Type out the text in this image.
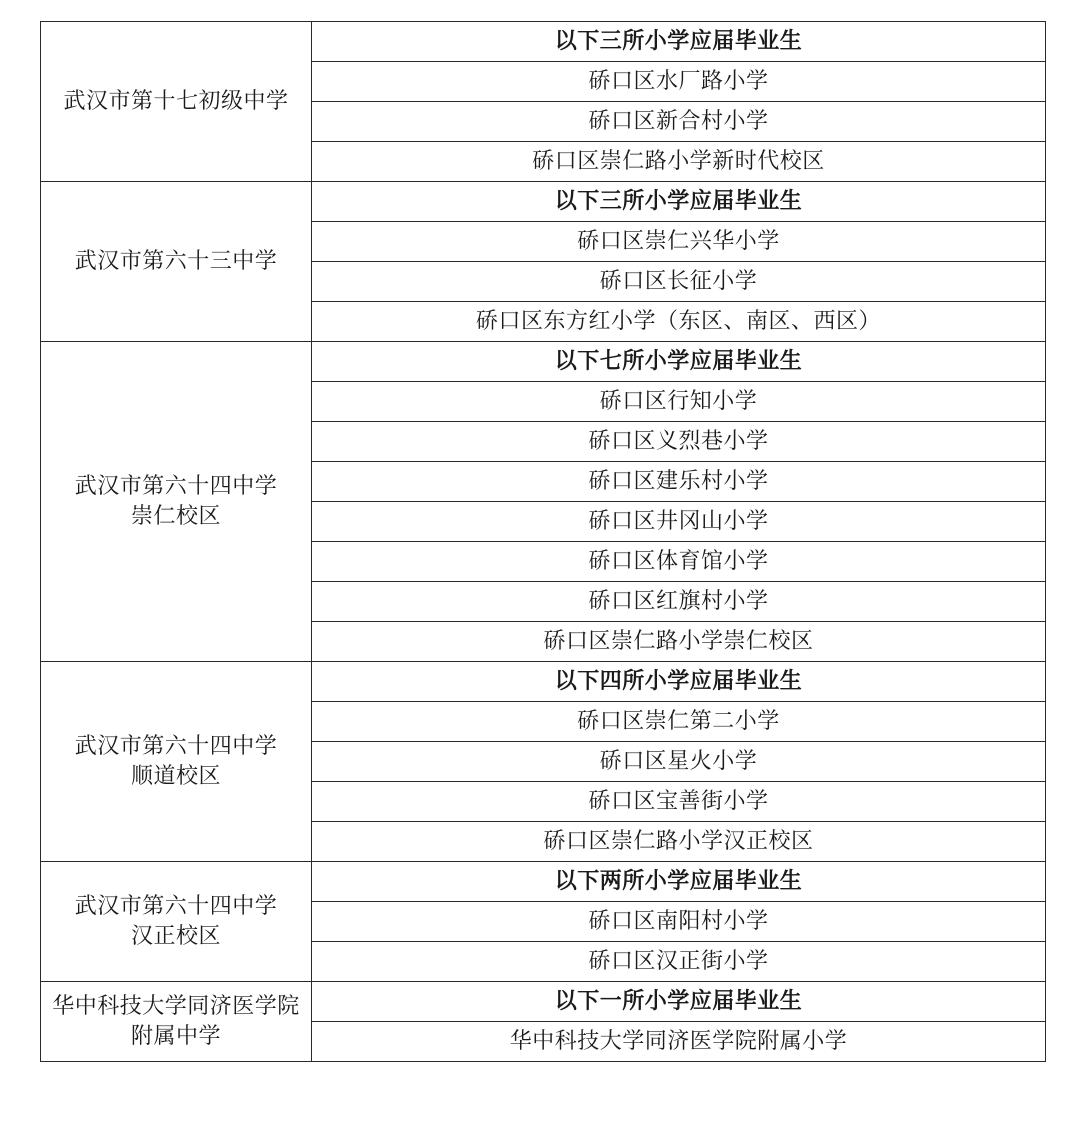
武汉市第十七初级中学	以下三所小学应届毕业生
	硚口区水厂路小学
	硚口区新合村小学
	硚口区崇仁路小学新时代校区

武汉市第六十三中学	以下三所小学应届毕业生
	硚口区崇仁兴华小学
	硚口区长征小学
	硚口区东方红小学（东区、南区、西区）

武汉市第六十四中学
崇仁校区	以下七所小学应届毕业生
	硚口区行知小学
	硚口区义烈巷小学
	硚口区建乐村小学
	硚口区井冈山小学
	硚口区体育馆小学
	硚口区红旗村小学
	硚口区崇仁路小学崇仁校区

武汉市第六十四中学
顺道校区	以下四所小学应届毕业生
	硚口区崇仁第二小学
	硚口区星火小学
	硚口区宝善街小学
	硚口区崇仁路小学汉正校区

武汉市第六十四中学
汉正校区	以下两所小学应届毕业生
	硚口区南阳村小学
	硚口区汉正街小学

华中科技大学同济医学院
附属中学	以下一所小学应届毕业生
	华中科技大学同济医学院附属小学
